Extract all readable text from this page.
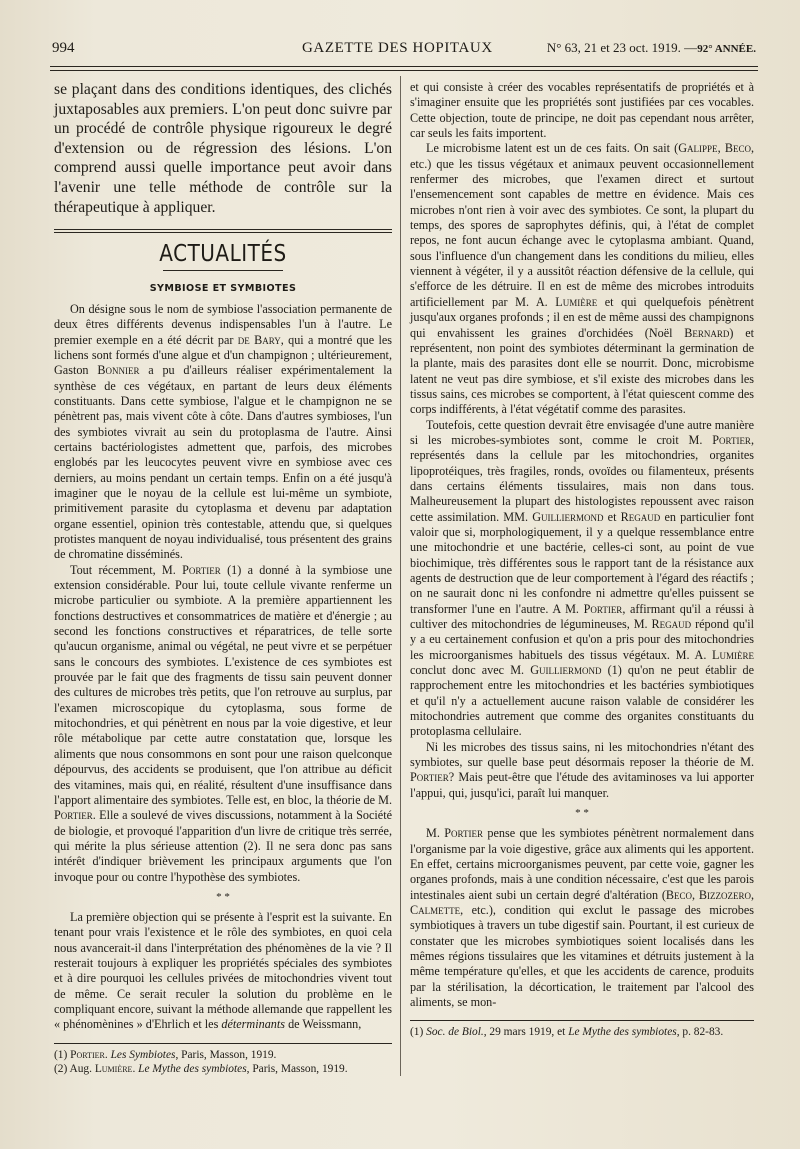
994	GAZETTE DES HOPITAUX	N° 63, 21 et 23 oct. 1919. —92° ANNÉE.

se plaçant dans des conditions identiques, des clichés juxtaposables aux premiers. L'on peut donc suivre par un procédé de contrôle physique rigoureux le degré d'extension ou de régression des lésions. L'on comprend aussi quelle importance peut avoir dans l'avenir une telle méthode de contrôle sur la thérapeutique à appliquer.

ACTUALITÉS
SYMBIOSE ET SYMBIOTES

On désigne sous le nom de symbiose l'association permanente de deux êtres différents devenus indispensables l'un à l'autre. Le premier exemple en a été décrit par de Bary, qui a montré que les lichens sont formés d'une algue et d'un champignon ; ultérieurement, Gaston Bonnier a pu d'ailleurs réaliser expérimentalement la synthèse de ces végétaux, en partant de leurs deux éléments constituants. Dans cette symbiose, l'algue et le champignon ne se pénètrent pas, mais vivent côte à côte. Dans d'autres symbioses, l'un des symbiotes vivrait au sein du protoplasma de l'autre. Ainsi certains bactériologistes admettent que, parfois, des microbes englobés par les leucocytes peuvent vivre en symbiose avec ces derniers, au moins pendant un certain temps. Enfin on a été jusqu'à imaginer que le noyau de la cellule est lui-même un symbiote, primitivement parasite du cytoplasma et devenu par adaptation organe essentiel, opinion très contestable, attendu que, si quelques protistes manquent de noyau individualisé, tous présentent des grains de chromatine disséminés.

Tout récemment, M. Portier (1) a donné à la symbiose une extension considérable. Pour lui, toute cellule vivante renferme un microbe particulier ou symbiote. A la première appartiennent les fonctions destructives et consommatrices de matière et d'énergie ; au second les fonctions constructives et réparatrices, de telle sorte qu'aucun organisme, animal ou végétal, ne peut vivre et se perpétuer sans le concours des symbiotes. L'existence de ces symbiotes est prouvée par le fait que des fragments de tissu sain peuvent donner des cultures de microbes très petits, que l'on retrouve au surplus, par l'examen microscopique du cytoplasma, sous forme de mitochondries, et qui pénètrent en nous par la voie digestive, et leur rôle métabolique par cette autre constatation que, lorsque les aliments que nous consommons en sont pour une raison quelconque dépourvus, des accidents se produisent, que l'on attribue au déficit des vitamines, mais qui, en réalité, résultent d'une insuffisance dans l'apport alimentaire des symbiotes. Telle est, en bloc, la théorie de M. Portier. Elle a soulevé de vives discussions, notamment à la Société de biologie, et provoqué l'apparition d'un livre de critique très serrée, qui mérite la plus sérieuse attention (2). Il ne sera donc pas sans intérêt d'indiquer brièvement les principaux arguments que l'on invoque pour ou contre l'hypothèse des symbiotes.

* *

La première objection qui se présente à l'esprit est la suivante. En tenant pour vrais l'existence et le rôle des symbiotes, en quoi cela nous avancerait-il dans l'interprétation des phénomènes de la vie ? Il resterait toujours à expliquer les propriétés spéciales des symbiotes et à dire pourquoi les cellules privées de mitochondries vivent tout de même. Ce serait reculer la solution du problème en le compliquant encore, suivant la méthode allemande que rappellent les « phénomènines » d'Ehrlich et les déterminants de Weissmann,

(1) Portier. Les Symbiotes, Paris, Masson, 1919.

(2) Aug. Lumière. Le Mythe des symbiotes, Paris, Masson, 1919.

et qui consiste à créer des vocables représentatifs de propriétés et à s'imaginer ensuite que les propriétés sont justifiées par ces vocables. Cette objection, toute de principe, ne doit pas cependant nous arrêter, car seuls les faits importent.

Le microbisme latent est un de ces faits. On sait (Galippe, Beco, etc.) que les tissus végétaux et animaux peuvent occasionnellement renfermer des microbes, que l'examen direct et surtout l'ensemencement sont capables de mettre en évidence. Mais ces microbes n'ont rien à voir avec des symbiotes. Ce sont, la plupart du temps, des spores de saprophytes définis, qui, à l'état de complet repos, ne font aucun échange avec le cytoplasma ambiant. Quand, sous l'influence d'un changement dans les conditions du milieu, elles viennent à végéter, il y a aussitôt réaction défensive de la cellule, qui s'efforce de les détruire. Il en est de même des microbes introduits artificiellement par M. A. Lumière et qui quelquefois pénètrent jusqu'aux organes profonds ; il en est de même aussi des champignons qui envahissent les graines d'orchidées (Noël Bernard) et représentent, non point des symbiotes déterminant la germination de la plante, mais des parasites dont elle se nourrit. Donc, microbisme latent ne veut pas dire symbiose, et s'il existe des microbes dans les tissus sains, ces microbes se comportent, à l'état quiescent comme des corps indifférents, à l'état végétatif comme des parasites.

Toutefois, cette question devrait être envisagée d'une autre manière si les microbes-symbiotes sont, comme le croit M. Portier, représentés dans la cellule par les mitochondries, organites lipoprotéiques, très fragiles, ronds, ovoïdes ou filamenteux, présents dans certains éléments tissulaires, mais non dans tous. Malheureusement la plupart des histologistes repoussent avec raison cette assimilation. MM. Guilliermond et Regaud en particulier font valoir que si, morphologiquement, il y a quelque ressemblance entre une mitochondrie et une bactérie, celles-ci sont, au point de vue biochimique, très différentes sous le rapport tant de la résistance aux agents de destruction que de leur comportement à l'égard des réactifs ; on ne saurait donc ni les confondre ni admettre qu'elles puissent se transformer l'une en l'autre. A M. Portier, affirmant qu'il a réussi à cultiver des mitochondries de légumineuses, M. Regaud répond qu'il y a eu certainement confusion et qu'on a pris pour des mitochondries les microorganismes habituels des tissus végétaux. M. A. Lumière conclut donc avec M. Guilliermond (1) qu'on ne peut établir de rapprochement entre les mitochondries et les bactéries symbiotiques et qu'il n'y a actuellement aucune raison valable de considérer les mitochondries autrement que comme des organites constituants du protoplasma cellulaire.

Ni les microbes des tissus sains, ni les mitochondries n'étant des symbiotes, sur quelle base peut désormais reposer la théorie de M. Portier? Mais peut-être que l'étude des avitaminoses va lui apporter l'appui, qui, jusqu'ici, paraît lui manquer.

* *

M. Portier pense que les symbiotes pénètrent normalement dans l'organisme par la voie digestive, grâce aux aliments qui les apportent. En effet, certains microorganismes peuvent, par cette voie, gagner les organes profonds, mais à une condition nécessaire, c'est que les parois intestinales aient subi un certain degré d'altération (Beco, Bizzozero, Calmette, etc.), condition qui exclut le passage des microbes symbiotiques à travers un tube digestif sain. Pourtant, il est curieux de constater que les microbes symbiotiques soient localisés dans les mêmes régions tissulaires que les vitamines et détruits justement à la même température qu'elles, et que les accidents de carence, produits par la stérilisation, la décortication, le traitement par l'alcool des aliments, se mon-

(1) Soc. de Biol., 29 mars 1919, et Le Mythe des symbiotes, p. 82-83.
